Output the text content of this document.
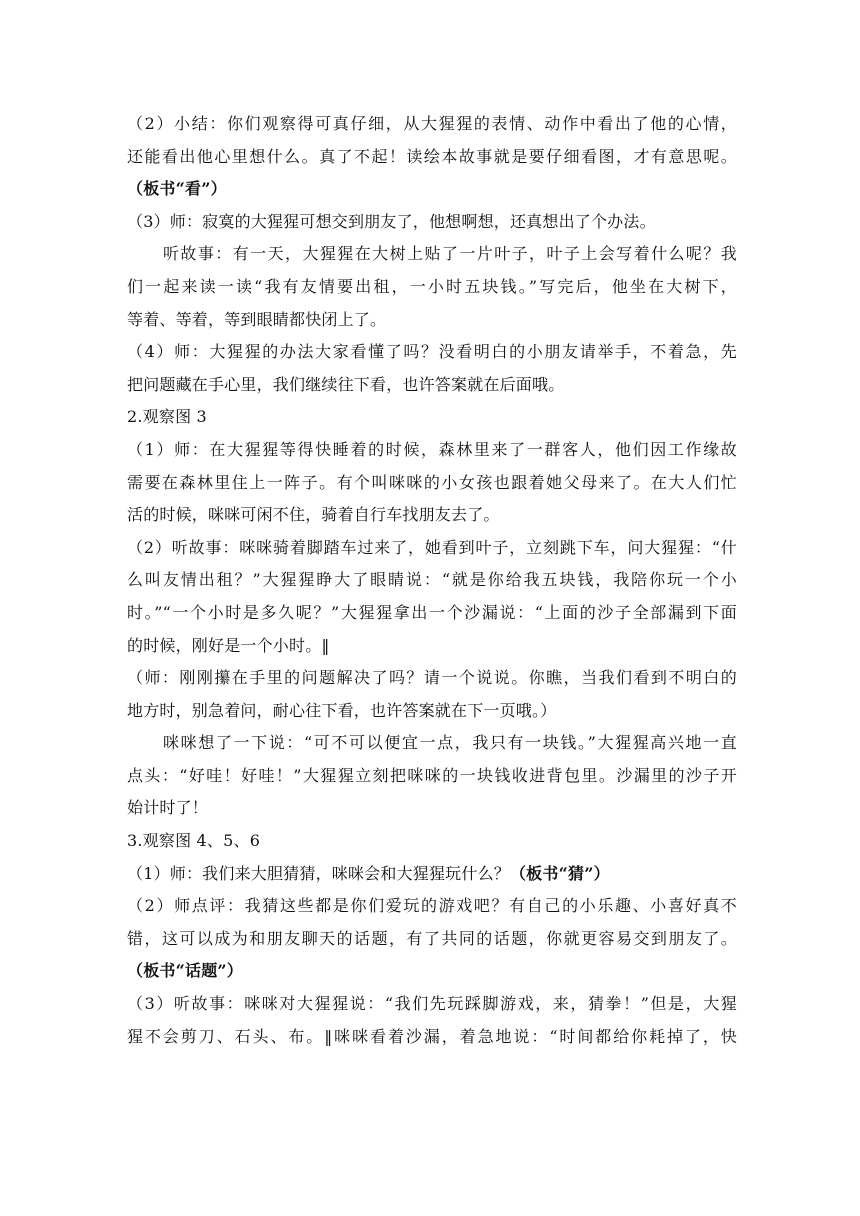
（2）小结：你们观察得可真仔细，从大猩猩的表情、动作中看出了他的心情，
还能看出他心里想什么。真了不起！读绘本故事就是要仔细看图，才有意思呢。
（板书“看”）
（3）师：寂寞的大猩猩可想交到朋友了，他想啊想，还真想出了个办法。
听故事：有一天，大猩猩在大树上贴了一片叶子，叶子上会写着什么呢？我
们一起来读一读“我有友情要出租，一小时五块钱。”写完后，他坐在大树下，
等着、等着，等到眼睛都快闭上了。
（4）师：大猩猩的办法大家看懂了吗？没看明白的小朋友请举手，不着急，先
把问题藏在手心里，我们继续往下看，也许答案就在后面哦。
2.观察图 3
（1）师：在大猩猩等得快睡着的时候，森林里来了一群客人，他们因工作缘故
需要在森林里住上一阵子。有个叫咪咪的小女孩也跟着她父母来了。在大人们忙
活的时候，咪咪可闲不住，骑着自行车找朋友去了。
（2）听故事：咪咪骑着脚踏车过来了，她看到叶子，立刻跳下车，问大猩猩：“什
么叫友情出租？”大猩猩睁大了眼睛说：“就是你给我五块钱，我陪你玩一个小
时。”“一个小时是多久呢？”大猩猩拿出一个沙漏说：“上面的沙子全部漏到下面
的时候，刚好是一个小时。‖
（师：刚刚攥在手里的问题解决了吗？请一个说说。你瞧，当我们看到不明白的
地方时，别急着问，耐心往下看，也许答案就在下一页哦。）
咪咪想了一下说：“可不可以便宜一点，我只有一块钱。”大猩猩高兴地一直
点头：“好哇！好哇！”大猩猩立刻把咪咪的一块钱收进背包里。沙漏里的沙子开
始计时了！
3.观察图 4、5、6
（1）师：我们来大胆猜猜，咪咪会和大猩猩玩什么？（板书“猜”）
（2）师点评：我猜这些都是你们爱玩的游戏吧？有自己的小乐趣、小喜好真不
错，这可以成为和朋友聊天的话题，有了共同的话题，你就更容易交到朋友了。
（板书“话题”）
（3）听故事：咪咪对大猩猩说：“我们先玩踩脚游戏，来，猜拳！”但是，大猩
猩不会剪刀、石头、布。‖咪咪看着沙漏，着急地说：“时间都给你耗掉了，快
